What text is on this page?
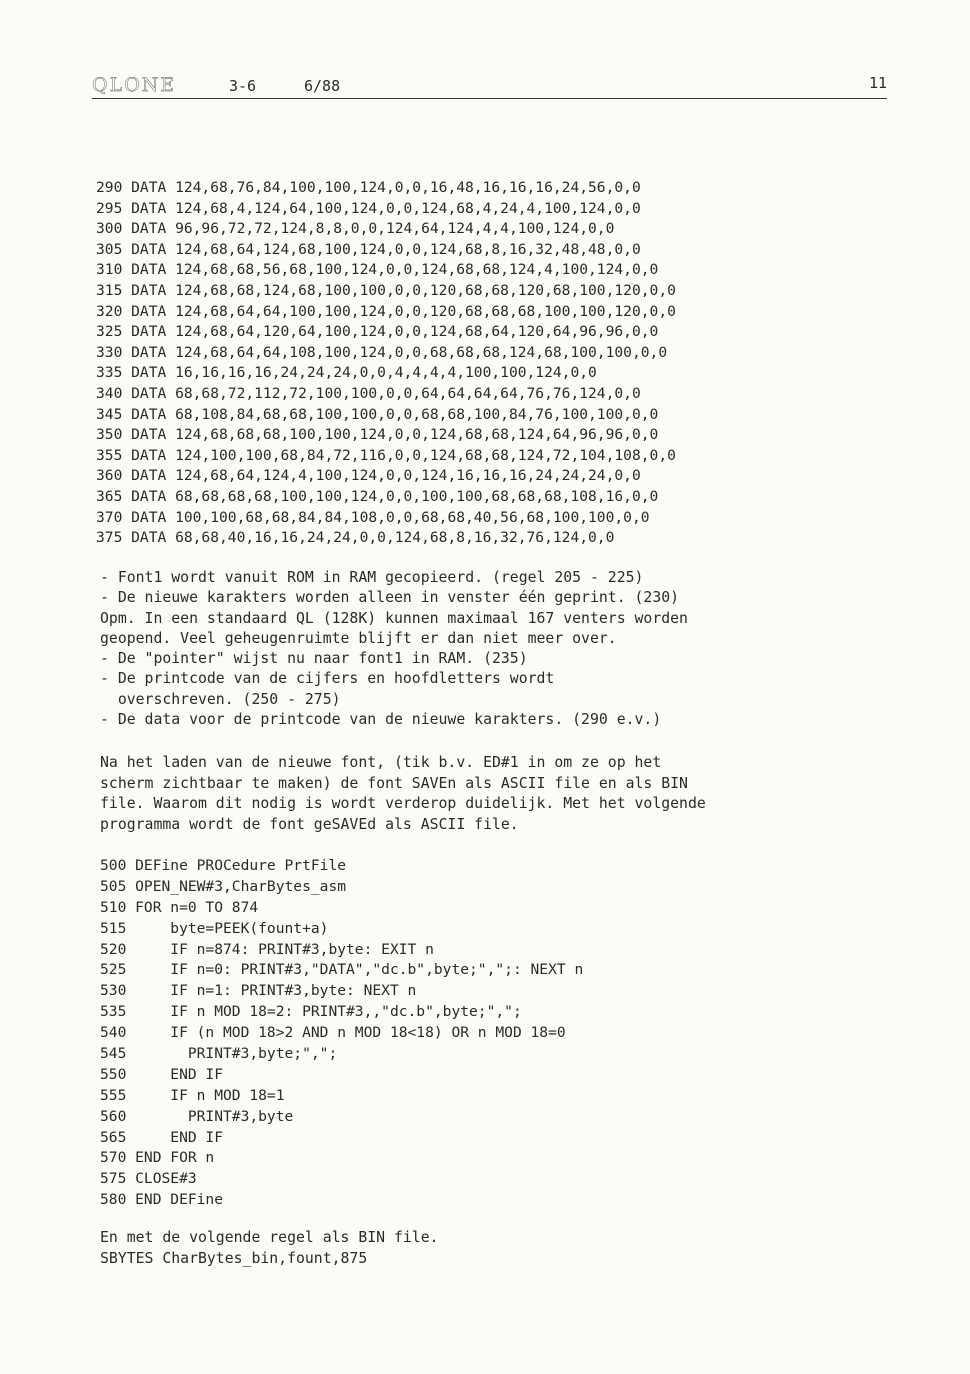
QLONE	3-6	6/88	11
290 DATA 124,68,76,84,100,100,124,0,0,16,48,16,16,16,24,56,0,0
295 DATA 124,68,4,124,64,100,124,0,0,124,68,4,24,4,100,124,0,0
300 DATA 96,96,72,72,124,8,8,0,0,124,64,124,4,4,100,124,0,0
305 DATA 124,68,64,124,68,100,124,0,0,124,68,8,16,32,48,48,0,0
310 DATA 124,68,68,56,68,100,124,0,0,124,68,68,124,4,100,124,0,0
315 DATA 124,68,68,124,68,100,100,0,0,120,68,68,120,68,100,120,0,0
320 DATA 124,68,64,64,100,100,124,0,0,120,68,68,68,100,100,120,0,0
325 DATA 124,68,64,120,64,100,124,0,0,124,68,64,120,64,96,96,0,0
330 DATA 124,68,64,64,108,100,124,0,0,68,68,68,124,68,100,100,0,0
335 DATA 16,16,16,16,24,24,24,0,0,4,4,4,4,100,100,124,0,0
340 DATA 68,68,72,112,72,100,100,0,0,64,64,64,64,76,76,124,0,0
345 DATA 68,108,84,68,68,100,100,0,0,68,68,100,84,76,100,100,0,0
350 DATA 124,68,68,68,100,100,124,0,0,124,68,68,124,64,96,96,0,0
355 DATA 124,100,100,68,84,72,116,0,0,124,68,68,124,72,104,108,0,0
360 DATA 124,68,64,124,4,100,124,0,0,124,16,16,16,24,24,24,0,0
365 DATA 68,68,68,68,100,100,124,0,0,100,100,68,68,68,108,16,0,0
370 DATA 100,100,68,68,84,84,108,0,0,68,68,40,56,68,100,100,0,0
375 DATA 68,68,40,16,16,24,24,0,0,124,68,8,16,32,76,124,0,0
- Font1 wordt vanuit ROM in RAM gecopieerd. (regel 205 - 225)
- De nieuwe karakters worden alleen in venster één geprint. (230)
Opm. In een standaard QL (128K) kunnen maximaal 167 venters worden
geopend. Veel geheugenruimte blijft er dan niet meer over.
- De "pointer" wijst nu naar font1 in RAM. (235)
- De printcode van de cijfers en hoofdletters wordt
overschreven. (250 - 275)
- De data voor de printcode van de nieuwe karakters. (290 e.v.)
Na het laden van de nieuwe font, (tik b.v. ED#1 in om ze op het
scherm zichtbaar te maken) de font SAVEn als ASCII file en als BIN
file. Waarom dit nodig is wordt verderop duidelijk. Met het volgende
programma wordt de font geSAVEd als ASCII file.
500 DEFine PROCedure PrtFile
505 OPEN_NEW#3,CharBytes_asm
510 FOR n=0 TO 874
515     byte=PEEK(fount+a)
520     IF n=874: PRINT#3,byte: EXIT n
525     IF n=0: PRINT#3,"DATA","dc.b",byte;",";: NEXT n
530     IF n=1: PRINT#3,byte: NEXT n
535     IF n MOD 18=2: PRINT#3,,"dc.b",byte;",";
540     IF (n MOD 18>2 AND n MOD 18<18) OR n MOD 18=0
545       PRINT#3,byte;",";
550     END IF
555     IF n MOD 18=1
560       PRINT#3,byte
565     END IF
570 END FOR n
575 CLOSE#3
580 END DEFine
En met de volgende regel als BIN file.
SBYTES CharBytes_bin,fount,875
